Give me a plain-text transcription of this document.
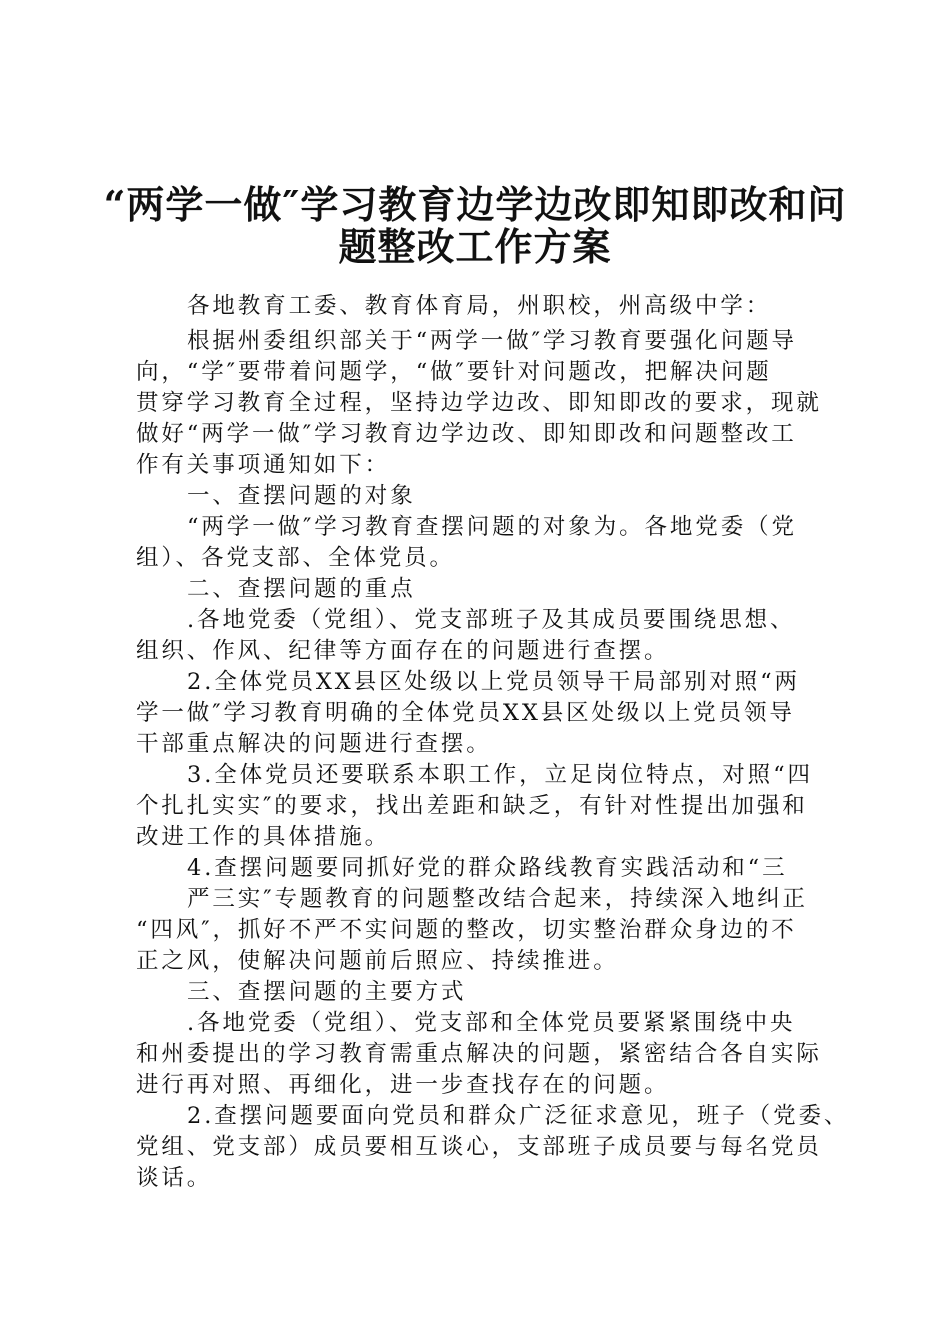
“两学一做″学习教育边学边改即知即改和问
题整改工作方案
各地教育工委、教育体育局，州职校，州高级中学：
根据州委组织部关于“两学一做″学习教育要强化问题导
向，“学″要带着问题学，“做″要针对问题改，把解决问题
贯穿学习教育全过程，坚持边学边改、即知即改的要求，现就
做好“两学一做″学习教育边学边改、即知即改和问题整改工
作有关事项通知如下：
一、查摆问题的对象
“两学一做″学习教育查摆问题的对象为。各地党委（党
组）、各党支部、全体党员。
二、查摆问题的重点
.各地党委（党组）、党支部班子及其成员要围绕思想、
组织、作风、纪律等方面存在的问题进行查摆。
2.全体党员XX县区处级以上党员领导干局部别对照“两
学一做″学习教育明确的全体党员XX县区处级以上党员领导
干部重点解决的问题进行查摆。
3.全体党员还要联系本职工作，立足岗位特点，对照“四
个扎扎实实″的要求，找出差距和缺乏，有针对性提出加强和
改进工作的具体措施。
4.查摆问题要同抓好党的群众路线教育实践活动和“三
严三实″专题教育的问题整改结合起来，持续深入地纠正
“四风″，抓好不严不实问题的整改，切实整治群众身边的不
正之风，使解决问题前后照应、持续推进。
三、查摆问题的主要方式
.各地党委（党组）、党支部和全体党员要紧紧围绕中央
和州委提出的学习教育需重点解决的问题，紧密结合各自实际
进行再对照、再细化，进一步查找存在的问题。
2.查摆问题要面向党员和群众广泛征求意见，班子（党委、
党组、党支部）成员要相互谈心，支部班子成员要与每名党员
谈话。
